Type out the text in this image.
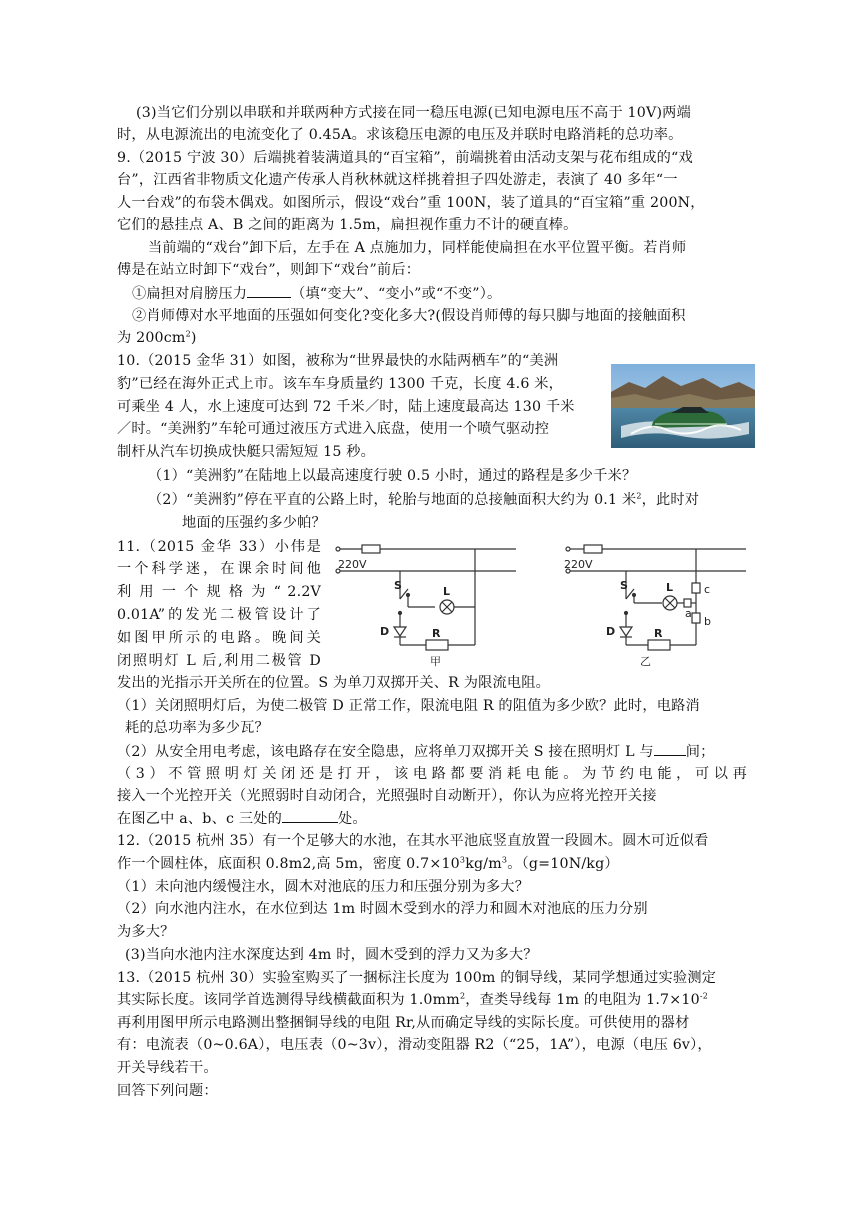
(3)当它们分别以串联和并联两种方式接在同一稳压电源(已知电源电压不高于 10V)两端
时，从电源流出的电流变化了 0.45A。求该稳压电源的电压及并联时电路消耗的总功率。
9.（2015 宁波 30）后端挑着装满道具的“百宝箱”，前端挑着由活动支架与花布组成的“戏
台”，江西省非物质文化遗产传承人肖秋林就这样挑着担子四处游走，表演了 40 多年“一
人一台戏”的布袋木偶戏。如图所示，假设“戏台”重 100N，装了道具的“百宝箱”重 200N，
它们的悬挂点 A、B 之间的距离为 1.5m，扁担视作重力不计的硬直棒。
当前端的“戏台”卸下后，左手在 A 点施加力，同样能使扁担在水平位置平衡。若肖师
傅是在站立时卸下“戏台”，则卸下“戏台”前后：
①扁担对肩膀压力	（填“变大”、“变小”或“不变”）。
②肖师傅对水平地面的压强如何变化?变化多大?(假设肖师傅的每只脚与地面的接触面积
为 $200cm^2$)
10.（2015 金华 31）如图，被称为“世界最快的水陆两栖车”的“美洲
豹”已经在海外正式上市。该车车身质量约 1300 千克，长度 4.6 米，
可乘坐 4 人，水上速度可达到 72 千米／时，陆上速度最高达 130 千米
／时。“美洲豹”车轮可通过液压方式进入底盘，使用一个喷气驱动控
制杆从汽车切换成快艇只需短短 15 秒。
（1）“美洲豹”在陆地上以最高速度行驶 0.5 小时，通过的路程是多少千米？
（2）“美洲豹”停在平直的公路上时，轮胎与地面的总接触面积大约为 0.1 米$^2$，此时对
地面的压强约多少帕？
11.（2015 金华 33）小伟是
一个科学迷，在课余时间他
利 用 一 个 规 格 为 “ 2.2V
0.01A”的发光二极管设计了
如图甲所示的电路。晚间关
闭照明灯 L 后,利用二极管 D
220V
S	L
D	R
甲
220V
S	L
D	R
a
b
c
乙
发出的光指示开关所在的位置。S 为单刀双掷开关、R 为限流电阻。
（1）关闭照明灯后，为使二极管 D 正常工作，限流电阻 R 的阻值为多少欧？此时，电路消
耗的总功率为多少瓦？
（2）从安全用电考虑，该电路存在安全隐患，应将单刀双掷开关 S 接在照明灯 L 与 间；
（3）不管照明灯关闭还是打开，该电路都要消耗电能。为节约电能，可以再
接入一个光控开关（光照弱时自动闭合，光照强时自动断开），你认为应将光控开关接
在图乙中 a、b、c 三处的	处。
12.（2015 杭州 35）有一个足够大的水池，在其水平池底竖直放置一段圆木。圆木可近似看
作一个圆柱体，底面积 0.8m2,高 5m，密度 $0.7\times 10^3kg/m^3$。（g=10N/kg）
（1）未向池内缓慢注水，圆木对池底的压力和压强分别为多大？
（2）向水池内注水，在水位到达 1m 时圆木受到水的浮力和圆木对池底的压力分别
为多大？
(3)当向水池内注水深度达到 4m 时，圆木受到的浮力又为多大？
13.（2015 杭州 30）实验室购买了一捆标注长度为 100m 的铜导线，某同学想通过实验测定
其实际长度。该同学首选测得导线横截面积为 $1.0mm^2$，查类导线每 1m 的电阻为 $1.7\times 10^{-2}$
再利用图甲所示电路测出整捆铜导线的电阻 Rr,从而确定导线的实际长度。可供使用的器材
有：电流表（0~0.6A），电压表（0~3v），滑动变阻器 R2（“25，1A”），电源（电压 6v），
开关导线若干。
回答下列问题：
